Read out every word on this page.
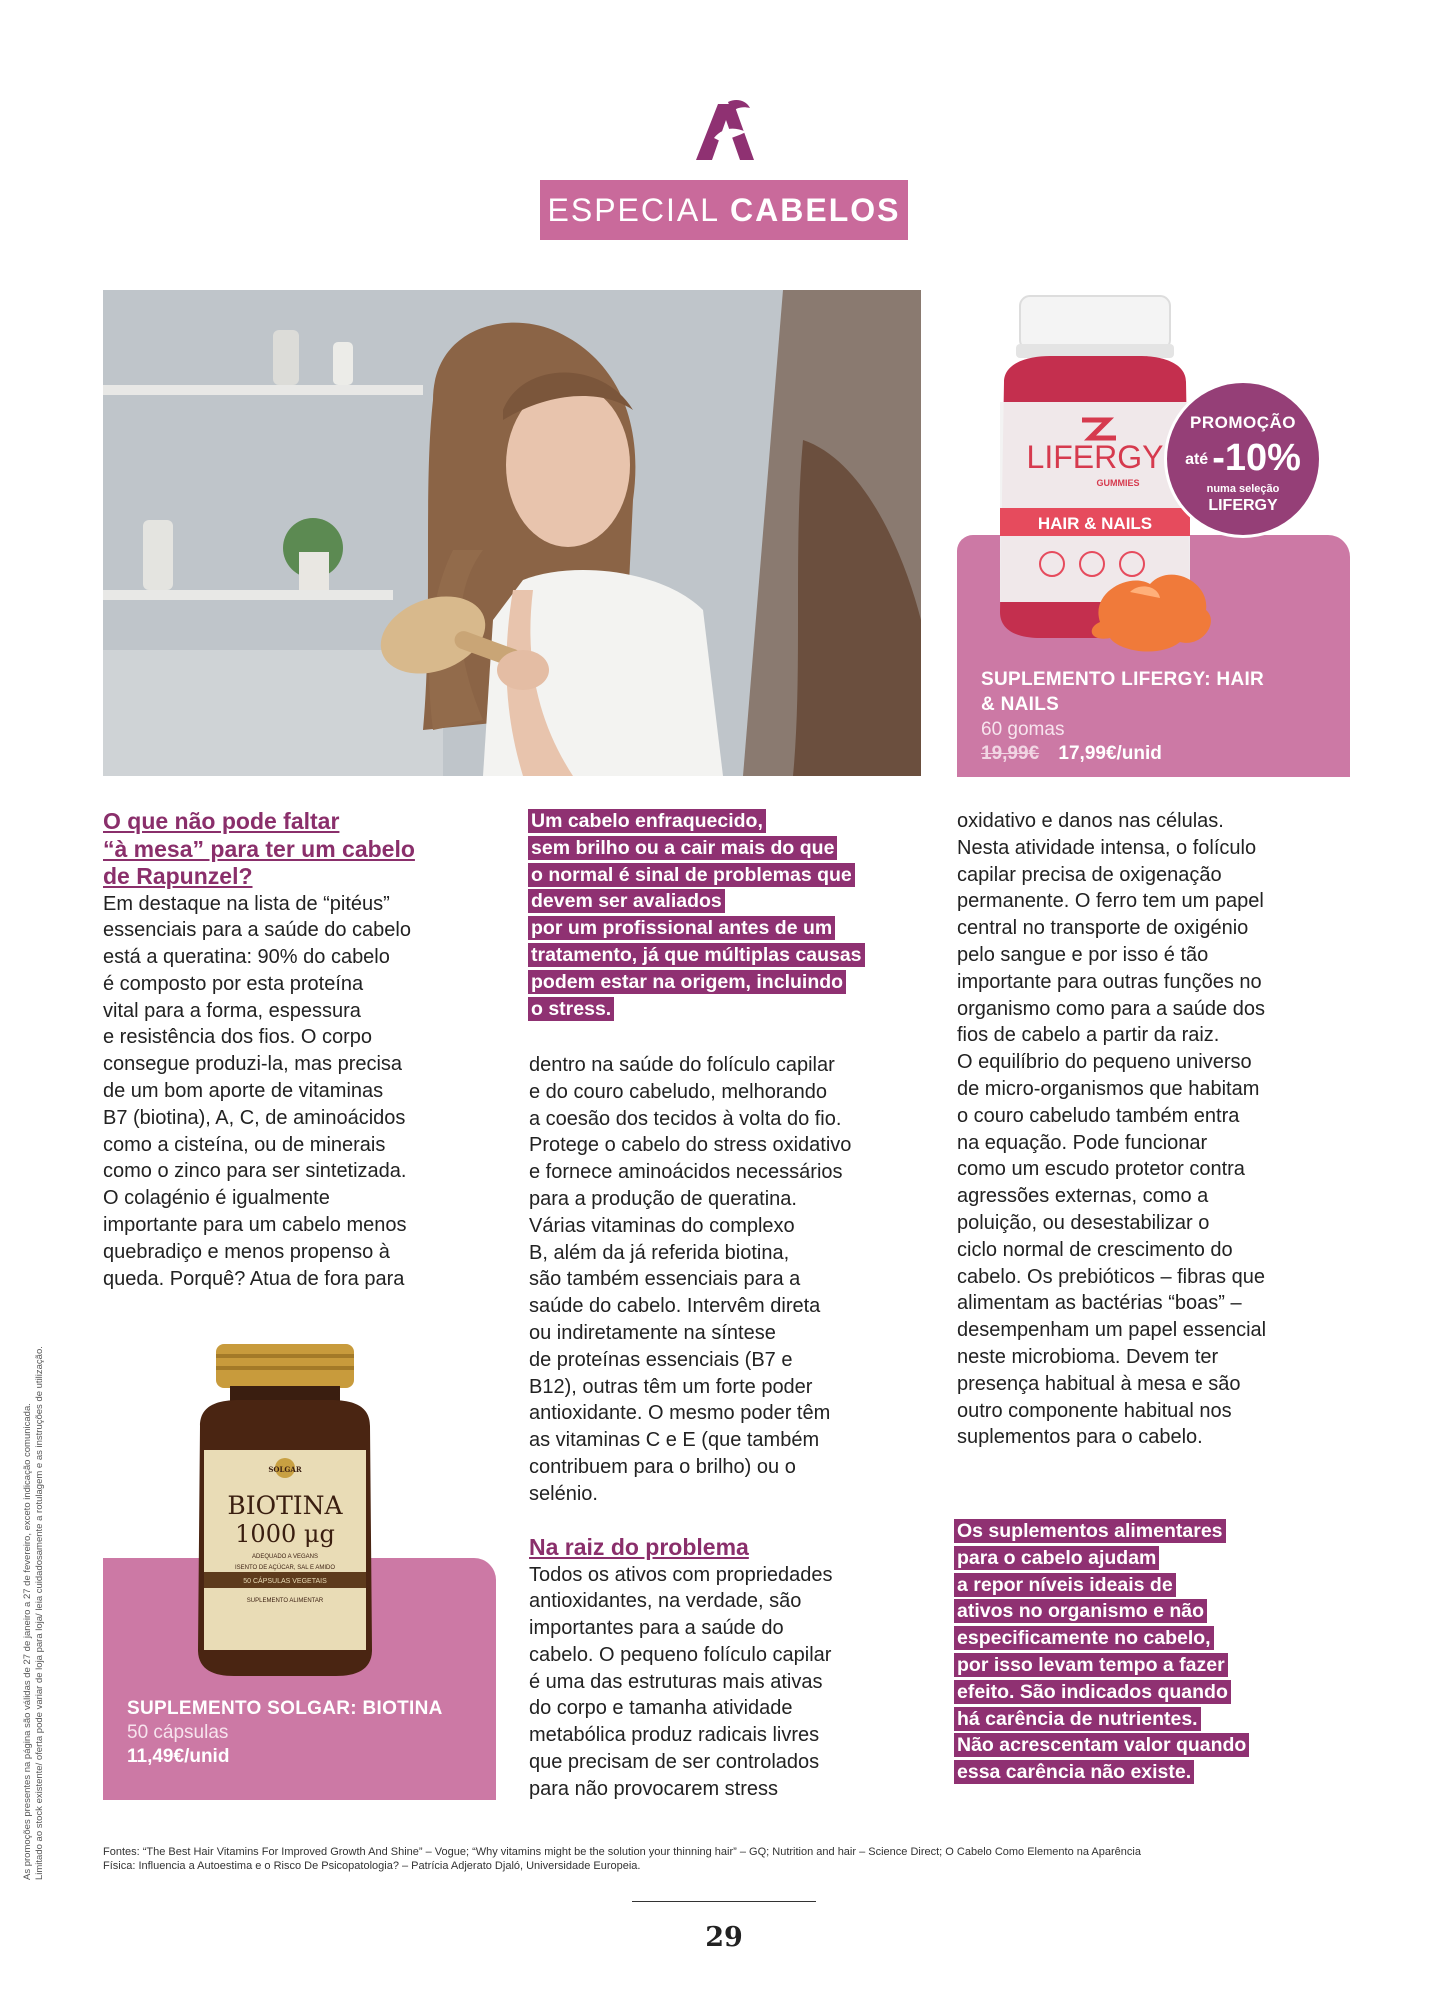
ESPECIAL CABELOS
SUPLEMENTO LIFERGY: HAIR
& NAILS
60 gomas
19,99€ 17,99€/unid
LIFERGY
GUMMIES
HAIR & NAILS
PROMOÇÃO
até -10%
numa seleção
LIFERGY
O que não pode faltar
“à mesa” para ter um cabelo
de Rapunzel?

Em destaque na lista de “pitéus”
essenciais para a saúde do cabelo
está a queratina: 90% do cabelo
é composto por esta proteína
vital para a forma, espessura
e resistência dos fios. O corpo
consegue produzi-la, mas precisa
de um bom aporte de vitaminas
B7 (biotina), A, C, de aminoácidos
como a cisteína, ou de minerais
como o zinco para ser sintetizada.
O colagénio é igualmente
importante para um cabelo menos
quebradiço e menos propenso à
queda. Porquê? Atua de fora para

Um cabelo enfraquecido,
sem brilho ou a cair mais do que
o normal é sinal de problemas que
devem ser avaliados
por um profissional antes de um
tratamento, já que múltiplas causas
podem estar na origem, incluindo
o stress.

dentro na saúde do folículo capilar
e do couro cabeludo, melhorando
a coesão dos tecidos à volta do fio.
Protege o cabelo do stress oxidativo
e fornece aminoácidos necessários
para a produção de queratina.
Várias vitaminas do complexo
B, além da já referida biotina,
são também essenciais para a
saúde do cabelo. Intervêm direta
ou indiretamente na síntese
de proteínas essenciais (B7 e
B12), outras têm um forte poder
antioxidante. O mesmo poder têm
as vitaminas C e E (que também
contribuem para o brilho) ou o
selénio.

Na raiz do problema

Todos os ativos com propriedades
antioxidantes, na verdade, são
importantes para a saúde do
cabelo. O pequeno folículo capilar
é uma das estruturas mais ativas
do corpo e tamanha atividade
metabólica produz radicais livres
que precisam de ser controlados
para não provocarem stress

oxidativo e danos nas células.
Nesta atividade intensa, o folículo
capilar precisa de oxigenação
permanente. O ferro tem um papel
central no transporte de oxigénio
pelo sangue e por isso é tão
importante para outras funções no
organismo como para a saúde dos
fios de cabelo a partir da raiz.
O equilíbrio do pequeno universo
de micro-organismos que habitam
o couro cabeludo também entra
na equação. Pode funcionar
como um escudo protetor contra
agressões externas, como a
poluição, ou desestabilizar o
ciclo normal de crescimento do
cabelo. Os prebióticos – fibras que
alimentam as bactérias “boas” –
desempenham um papel essencial
neste microbioma. Devem ter
presença habitual à mesa e são
outro componente habitual nos
suplementos para o cabelo.

Os suplementos alimentares
para o cabelo ajudam
a repor níveis ideais de
ativos no organismo e não
especificamente no cabelo,
por isso levam tempo a fazer
efeito. São indicados quando
há carência de nutrientes.
Não acrescentam valor quando
essa carência não existe.

SUPLEMENTO SOLGAR: BIOTINA
50 cápsulas
11,49€/unid
SOLGAR
BIOTINA
1000 μg
ADEQUADO A VEGANS
ISENTO DE AÇÚCAR, SAL E AMIDO
50 CÁPSULAS VEGETAIS
SUPLEMENTO ALIMENTAR
As promoções presentes na página são válidas de 27 de janeiro a 27 de fevereiro, exceto indicação comunicada. Limitado ao stock existente/ oferta pode variar de loja para loja/ leia cuidadosamente a rotulagem e as instruções de utilização.	Fontes: “The Best Hair Vitamins For Improved Growth And Shine” – Vogue; “Why vitamins might be the solution your thinning hair” – GQ; Nutrition and hair – Science Direct; O Cabelo Como Elemento na Aparência
Física: Influencia a Autoestima e o Risco De Psicopatologia? – Patrícia Adjerato Djaló, Universidade Europeia.
29
